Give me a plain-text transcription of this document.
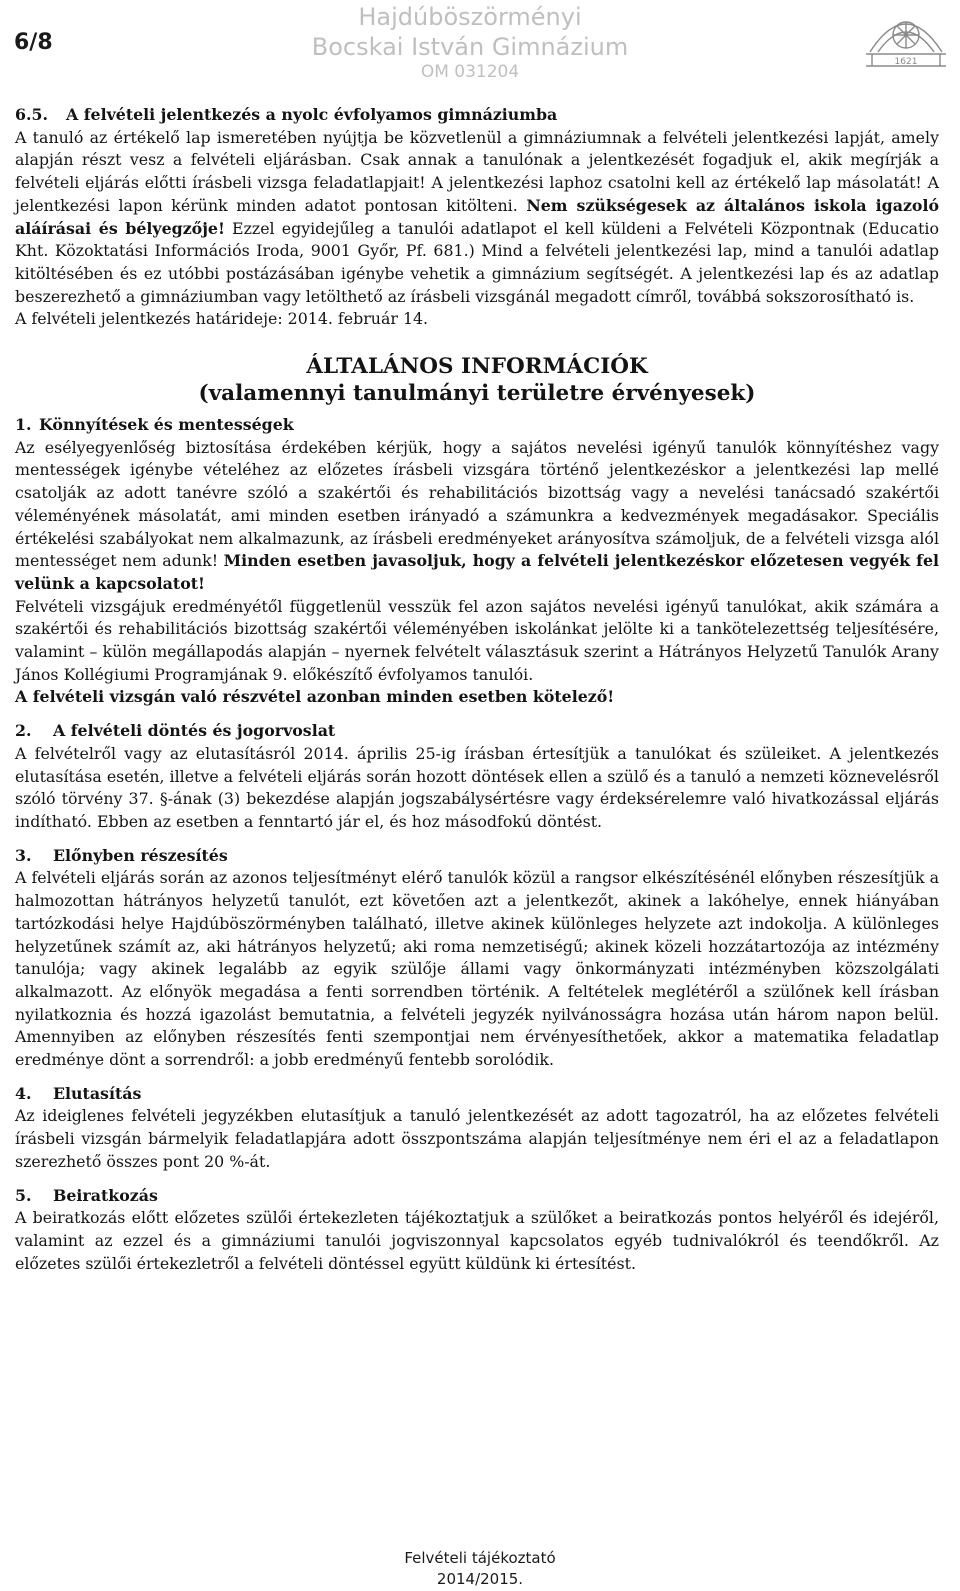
6/8
Hajdúböszörményi
Bocskai István Gimnázium
OM 031204	1621

6.5. A felvételi jelentkezés a nyolc évfolyamos gimnáziumba

A tanuló az értékelő lap ismeretében nyújtja be közvetlenül a gimnáziumnak a felvételi jelentkezési lapját, amely alapján részt vesz a felvételi eljárásban. Csak annak a tanulónak a jelentkezését fogadjuk el, akik megírják a felvételi eljárás előtti írásbeli vizsga feladatlapjait! A jelentkezési laphoz csatolni kell az értékelő lap másolatát! A jelentkezési lapon kérünk minden adatot pontosan kitölteni. Nem szükségesek az általános iskola igazoló aláírásai és bélyegzője! Ezzel egyidejűleg a tanulói adatlapot el kell küldeni a Felvételi Központnak (Educatio Kht. Közoktatási Információs Iroda, 9001 Győr, Pf. 681.) Mind a felvételi jelentkezési lap, mind a tanulói adatlap kitöltésében és ez utóbbi postázásában igénybe vehetik a gimnázium segítségét. A jelentkezési lap és az adatlap beszerezhető a gimnáziumban vagy letölthető az írásbeli vizsgánál megadott címről, továbbá sokszorosítható is.

A felvételi jelentkezés határideje: 2014. február 14.

ÁLTALÁNOS INFORMÁCIÓK
(valamennyi tanulmányi területre érvényesek)

1. Könnyítések és mentességek

Az esélyegyenlőség biztosítása érdekében kérjük, hogy a sajátos nevelési igényű tanulók könnyítéshez vagy mentességek igénybe vételéhez az előzetes írásbeli vizsgára történő jelentkezéskor a jelentkezési lap mellé csatolják az adott tanévre szóló a szakértői és rehabilitációs bizottság vagy a nevelési tanácsadó szakértői véleményének másolatát, ami minden esetben irányadó a számunkra a kedvezmények megadásakor. Speciális értékelési szabályokat nem alkalmazunk, az írásbeli eredményeket arányosítva számoljuk, de a felvételi vizsga alól mentességet nem adunk! Minden esetben javasoljuk, hogy a felvételi jelentkezéskor előzetesen vegyék fel velünk a kapcsolatot!

Felvételi vizsgájuk eredményétől függetlenül vesszük fel azon sajátos nevelési igényű tanulókat, akik számára a szakértői és rehabilitációs bizottság szakértői véleményében iskolánkat jelölte ki a tankötelezettség teljesítésére, valamint – külön megállapodás alapján – nyernek felvételt választásuk szerint a Hátrányos Helyzetű Tanulók Arany János Kollégiumi Programjának 9. előkészítő évfolyamos tanulói.

A felvételi vizsgán való részvétel azonban minden esetben kötelező!

2. A felvételi döntés és jogorvoslat

A felvételről vagy az elutasításról 2014. április 25-ig írásban értesítjük a tanulókat és szüleiket. A jelentkezés elutasítása esetén, illetve a felvételi eljárás során hozott döntések ellen a szülő és a tanuló a nemzeti köznevelésről szóló törvény 37. §-ának (3) bekezdése alapján jogszabálysértésre vagy érdeksérelemre való hivatkozással eljárás indítható. Ebben az esetben a fenntartó jár el, és hoz másodfokú döntést.

3. Előnyben részesítés

A felvételi eljárás során az azonos teljesítményt elérő tanulók közül a rangsor elkészítésénél előnyben részesítjük a halmozottan hátrányos helyzetű tanulót, ezt követően azt a jelentkezőt, akinek a lakóhelye, ennek hiányában tartózkodási helye Hajdúböszörményben található, illetve akinek különleges helyzete azt indokolja. A különleges helyzetűnek számít az, aki hátrányos helyzetű; aki roma nemzetiségű; akinek közeli hozzátartozója az intézmény tanulója; vagy akinek legalább az egyik szülője állami vagy önkormányzati intézményben közszolgálati alkalmazott. Az előnyök megadása a fenti sorrendben történik. A feltételek meglétéről a szülőnek kell írásban nyilatkoznia és hozzá igazolást bemutatnia, a felvételi jegyzék nyilvánosságra hozása után három napon belül. Amennyiben az előnyben részesítés fenti szempontjai nem érvényesíthetőek, akkor a matematika feladatlap eredménye dönt a sorrendről: a jobb eredményű fentebb sorolódik.

4. Elutasítás

Az ideiglenes felvételi jegyzékben elutasítjuk a tanuló jelentkezését az adott tagozatról, ha az előzetes felvételi írásbeli vizsgán bármelyik feladatlapjára adott összpontszáma alapján teljesítménye nem éri el az a feladatlapon szerezhető összes pont 20 %-át.

5. Beiratkozás

A beiratkozás előtt előzetes szülői értekezleten tájékoztatjuk a szülőket a beiratkozás pontos helyéről és idejéről, valamint az ezzel és a gimnáziumi tanulói jogviszonnyal kapcsolatos egyéb tudnivalókról és teendőkről. Az előzetes szülői értekezletről a felvételi döntéssel együtt küldünk ki értesítést.

Felvételi tájékoztató
2014/2015.
